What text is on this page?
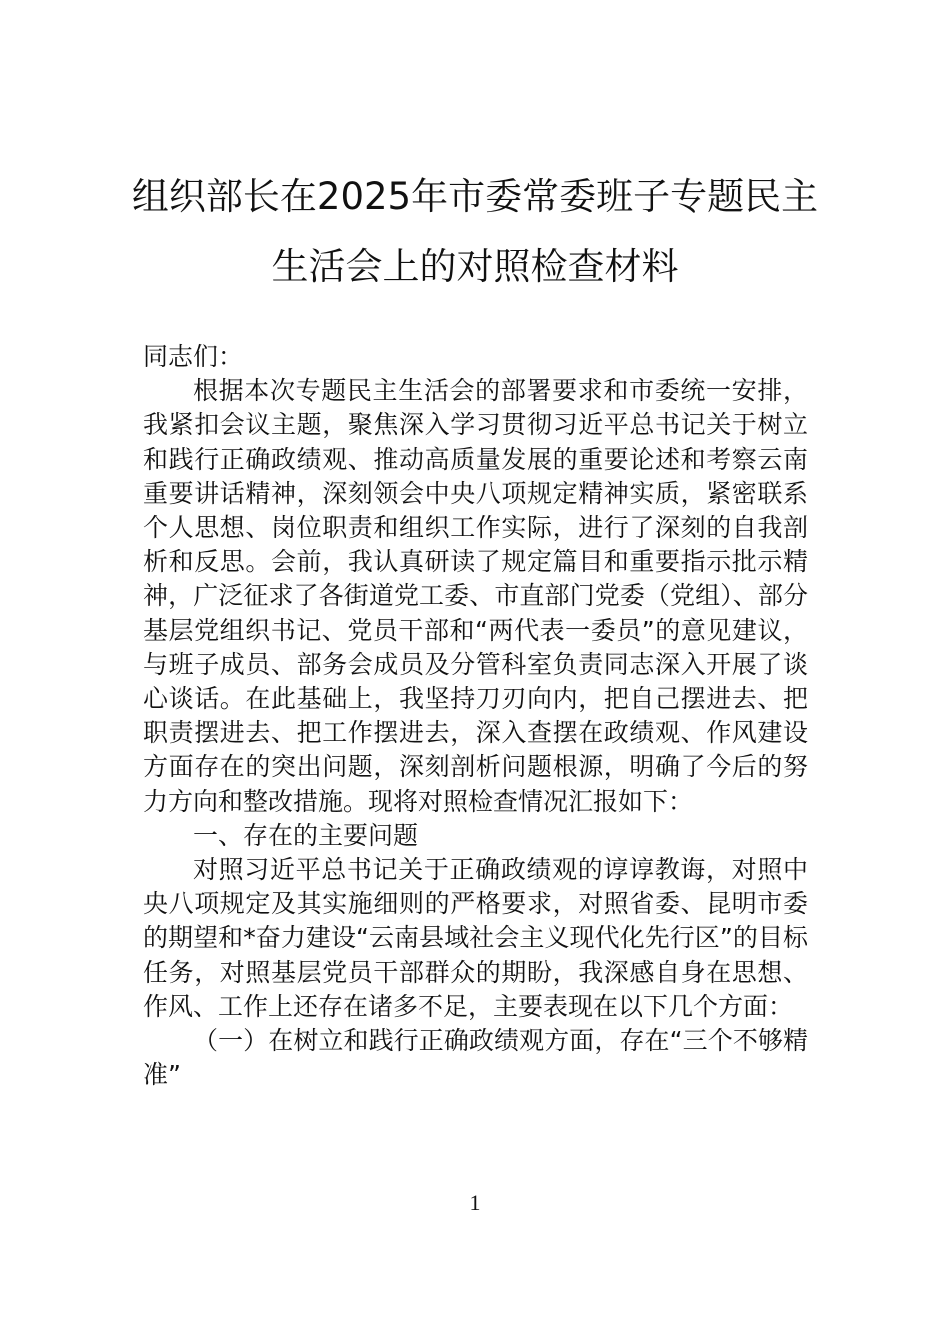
组织部长在2025年市委常委班子专题民主
生活会上的对照检查材料

同志们：

根据本次专题民主生活会的部署要求和市委统一安排，我紧扣会议主题，聚焦深入学习贯彻习近平总书记关于树立和践行正确政绩观、推动高质量发展的重要论述和考察云南重要讲话精神，深刻领会中央八项规定精神实质，紧密联系个人思想、岗位职责和组织工作实际，进行了深刻的自我剖析和反思。会前，我认真研读了规定篇目和重要指示批示精神，广泛征求了各街道党工委、市直部门党委（党组）、部分基层党组织书记、党员干部和“两代表一委员”的意见建议，与班子成员、部务会成员及分管科室负责同志深入开展了谈心谈话。在此基础上，我坚持刀刃向内，把自己摆进去、把职责摆进去、把工作摆进去，深入查摆在政绩观、作风建设方面存在的突出问题，深刻剖析问题根源，明确了今后的努力方向和整改措施。现将对照检查情况汇报如下：

一、存在的主要问题

对照习近平总书记关于正确政绩观的谆谆教诲，对照中央八项规定及其实施细则的严格要求，对照省委、昆明市委的期望和*奋力建设“云南县域社会主义现代化先行区”的目标任务，对照基层党员干部群众的期盼，我深感自身在思想、作风、工作上还存在诸多不足，主要表现在以下几个方面：

（一）在树立和践行正确政绩观方面，存在“三个不够精准”

1
